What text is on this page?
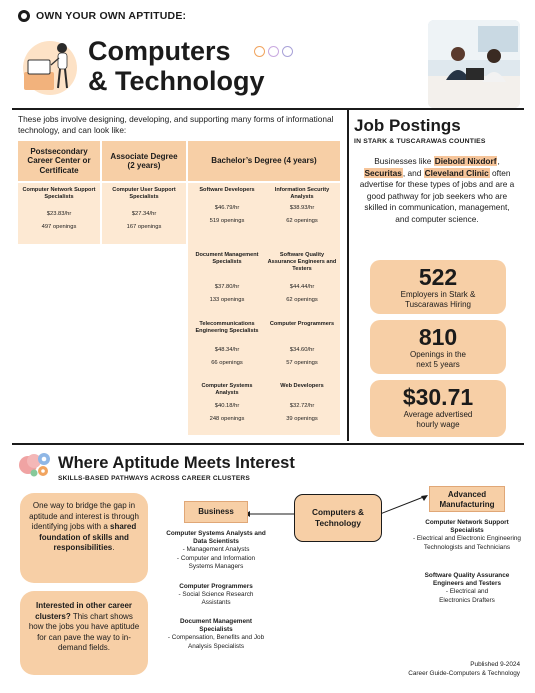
OWN YOUR OWN APTITUDE:
Computers
& Technology
These jobs involve designing, developing, and supporting many forms of informational technology, and can look like:
Postsecondary Career Center or Certificate
Associate Degree (2 years)
Bachelor’s Degree (4 years)
Computer Network Support Specialists
$23.83/hr
497 openings
Computer User Support Specialists
$27.34/hr
167 openings
Software Developers
$46.79/hr
519 openings
Information Security Analysts
$38.93/hr
62 openings
Document Management Specialists
$37.80/hr
133 openings
Software Quality Assurance Engineers and Testers
$44.44/hr
62 openings
Telecommunications Engineering Specialists
$48.34/hr
66 openings
Computer Programmers
$34.60/hr
57 openings
Computer Systems Analysts
$40.18/hr
248 openings
Web Developers
$32.72/hr
39 openings
Job Postings
IN STARK & TUSCARAWAS COUNTIES
Businesses like Diebold Nixdorf, Securitas, and Cleveland Clinic often advertise for these types of jobs and are a good pathway for job seekers who are skilled in communication, management, and computer science.
522
Employers in Stark & Tuscarawas Hiring
810
Openings in the next 5 years
$30.71
Average advertised hourly wage
Where Aptitude Meets Interest
SKILLS-BASED PATHWAYS ACROSS CAREER CLUSTERS
One way to bridge the gap in aptitude and interest is through identifying jobs with a shared foundation of skills and responsibilities.
Interested in other career clusters? This chart shows how the jobs you have aptitude for can pave the way to in-demand fields.
Business
Advanced Manufacturing
Computers & Technology
Computer Systems Analysts and Data Scientists
- Management Analysts
- Computer and Information Systems Managers
Computer Programmers
- Social Science Research Assistants
Document Management Specialists
- Compensation, Benefits and Job Analysis Specialists
Computer Network Support Specialists
- Electrical and Electronic Engineering Technologists and Technicians
Software Quality Assurance Engineers and Testers
- Electrical and Electronics Drafters
Published 9-2024
Career Guide-Computers & Technology
